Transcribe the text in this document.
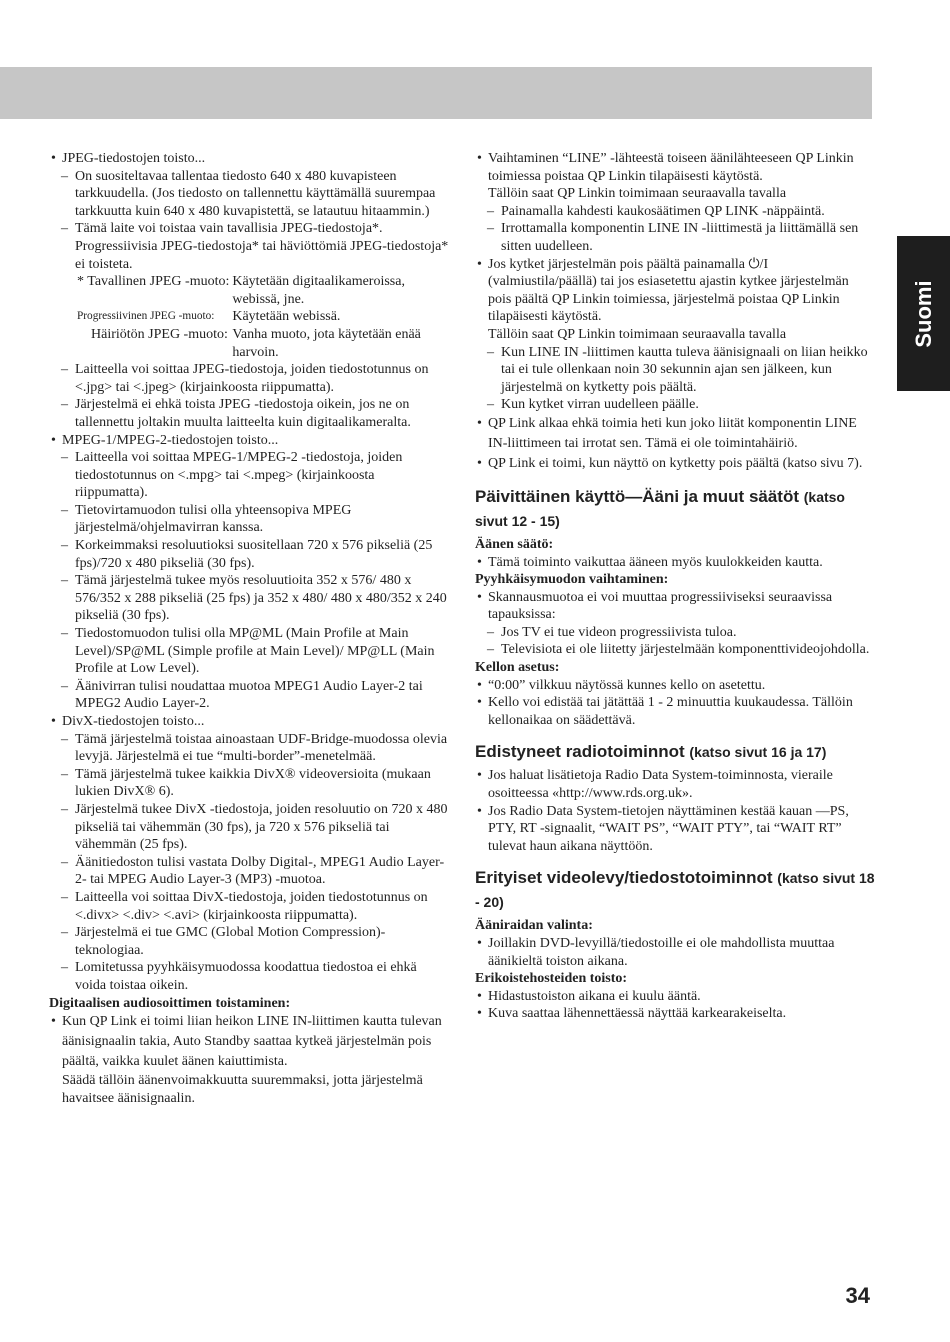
Suomi
• JPEG-tiedostojen toisto...
– On suositeltavaa tallentaa tiedosto 640 x 480 kuvapisteen tarkkuudella. (Jos tiedosto on tallennettu käyttämällä suurempaa tarkkuutta kuin 640 x 480 kuvapistettä, se latautuu hitaammin.)
– Tämä laite voi toistaa vain tavallisia JPEG-tiedostoja*. Progressiivisia JPEG-tiedostoja* tai häviöttömiä JPEG-tiedostoja* ei toisteta.
* Tavallinen JPEG -muoto:	Käytetään digitaalikameroissa, webissä, jne.
Progressiivinen JPEG -muoto:	Käytetään webissä.
Häiriötön JPEG -muoto:	Vanha muoto, jota käytetään enää harvoin.
– Laitteella voi soittaa JPEG-tiedostoja, joiden tiedostotunnus on <.jpg> tai <.jpeg> (kirjainkoosta riippumatta).
– Järjestelmä ei ehkä toista JPEG -tiedostoja oikein, jos ne on tallennettu joltakin muulta laitteelta kuin digitaalikameralta.
• MPEG-1/MPEG-2-tiedostojen toisto...
– Laitteella voi soittaa MPEG-1/MPEG-2 -tiedostoja, joiden tiedostotunnus on <.mpg> tai <.mpeg> (kirjainkoosta riippumatta).
– Tietovirtamuodon tulisi olla yhteensopiva MPEG järjestelmä/ohjelmavirran kanssa.
– Korkeimmaksi resoluutioksi suositellaan 720 x 576 pikseliä (25 fps)/720 x 480 pikseliä (30 fps).
– Tämä järjestelmä tukee myös resoluutioita 352 x 576/ 480 x 576/352 x 288 pikseliä (25 fps) ja 352 x 480/ 480 x 480/352 x 240 pikseliä (30 fps).
– Tiedostomuodon tulisi olla MP@ML (Main Profile at Main Level)/SP@ML (Simple profile at Main Level)/ MP@LL (Main Profile at Low Level).
– Äänivirran tulisi noudattaa muotoa MPEG1 Audio Layer-2 tai MPEG2 Audio Layer-2.
• DivX-tiedostojen toisto...
– Tämä järjestelmä toistaa ainoastaan UDF-Bridge-muodossa olevia levyjä. Järjestelmä ei tue “multi-border”-menetelmää.
– Tämä järjestelmä tukee kaikkia DivX® videoversioita (mukaan lukien DivX® 6).
– Järjestelmä tukee DivX -tiedostoja, joiden resoluutio on 720 x 480 pikseliä tai vähemmän (30 fps), ja 720 x 576 pikseliä tai vähemmän (25 fps).
– Äänitiedoston tulisi vastata Dolby Digital-, MPEG1 Audio Layer-2- tai MPEG Audio Layer-3 (MP3) -muotoa.
– Laitteella voi soittaa DivX-tiedostoja, joiden tiedostotunnus on <.divx> <.div> <.avi> (kirjainkoosta riippumatta).
– Järjestelmä ei tue GMC (Global Motion Compression)-teknologiaa.
– Lomitetussa pyyhkäisymuodossa koodattua tiedostoa ei ehkä voida toistaa oikein.
Digitaalisen audiosoittimen toistaminen:
• Kun QP Link ei toimi liian heikon LINE IN-liittimen kautta tulevan äänisignaalin takia, Auto Standby saattaa kytkeä järjestelmän pois päältä, vaikka kuulet äänen kaiuttimista.
Säädä tällöin äänenvoimakkuutta suuremmaksi, jotta järjestelmä havaitsee äänisignaalin.
• Vaihtaminen “LINE” -lähteestä toiseen äänilähteeseen QP Linkin toimiessa poistaa QP Linkin tilapäisesti käytöstä.
Tällöin saat QP Linkin toimimaan seuraavalla tavalla
– Painamalla kahdesti kaukosäätimen QP LINK -näppäintä.
– Irrottamalla komponentin LINE IN -liittimestä ja liittämällä sen sitten uudelleen.
• Jos kytket järjestelmän pois päältä painamalla ⏻/I (valmiustila/päällä) tai jos esiasetettu ajastin kytkee järjestelmän pois päältä QP Linkin toimiessa, järjestelmä poistaa QP Linkin tilapäisesti käytöstä.
Tällöin saat QP Linkin toimimaan seuraavalla tavalla
– Kun LINE IN -liittimen kautta tuleva äänisignaali on liian heikko tai ei tule ollenkaan noin 30 sekunnin ajan sen jälkeen, kun järjestelmä on kytketty pois päältä.
– Kun kytket virran uudelleen päälle.
• QP Link alkaa ehkä toimia heti kun joko liität komponentin LINE IN-liittimeen tai irrotat sen. Tämä ei ole toimintahäiriö.
• QP Link ei toimi, kun näyttö on kytketty pois päältä (katso sivu 7).
Päivittäinen käyttö—Ääni ja muut säätöt (katso sivut 12 - 15)
Äänen säätö:
• Tämä toiminto vaikuttaa ääneen myös kuulokkeiden kautta.
Pyyhkäisymuodon vaihtaminen:
• Skannausmuotoa ei voi muuttaa progressiiviseksi seuraavissa tapauksissa:
– Jos TV ei tue videon progressiivista tuloa.
– Televisiota ei ole liitetty järjestelmään komponenttivideojohdolla.
Kellon asetus:
• “0:00” vilkkuu näytössä kunnes kello on asetettu.
• Kello voi edistää tai jätättää 1 - 2 minuuttia kuukaudessa. Tällöin kellonaikaa on säädettävä.
Edistyneet radiotoiminnot (katso sivut 16 ja 17)
• Jos haluat lisätietoja Radio Data System-toiminnosta, vieraile osoitteessa «http://www.rds.org.uk».
• Jos Radio Data System-tietojen näyttäminen kestää kauan —PS, PTY, RT -signaalit, “WAIT PS”, “WAIT PTY”, tai “WAIT RT” tulevat haun aikana näyttöön.
Erityiset videolevy/tiedostotoiminnot (katso sivut 18 - 20)
Ääniraidan valinta:
• Joillakin DVD-levyillä/tiedostoille ei ole mahdollista muuttaa äänikieltä toiston aikana.
Erikoistehosteiden toisto:
• Hidastustoiston aikana ei kuulu ääntä.
• Kuva saattaa lähennettäessä näyttää karkearakeiselta.
34
